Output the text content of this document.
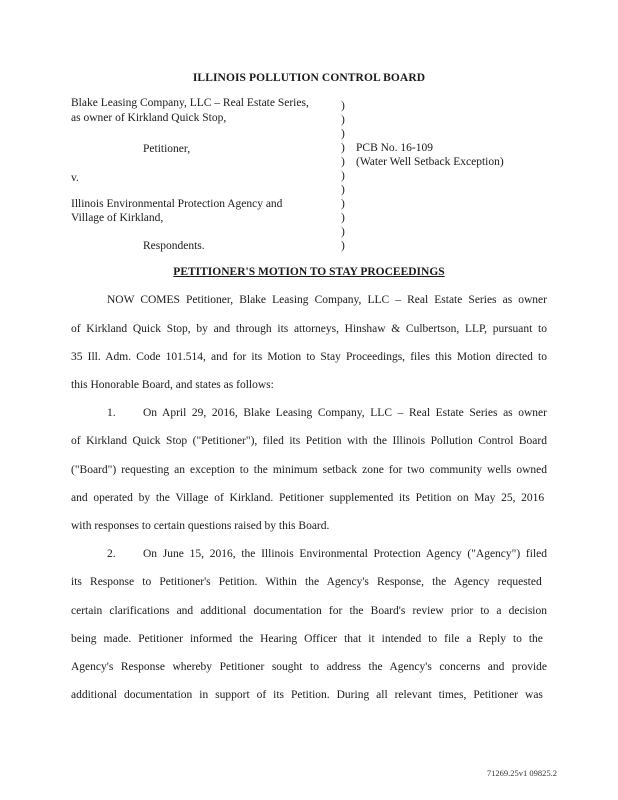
ILLINOIS POLLUTION CONTROL BOARD
Blake Leasing Company, LLC – Real Estate Series,
as owner of Kirkland Quick Stop,
Petitioner,
v.
Illinois Environmental Protection Agency and
Village of Kirkland,
Respondents.
)
)
)
)
)
)
)
)
)
)
)
PCB No. 16-109
(Water Well Setback Exception)
PETITIONER'S MOTION TO STAY PROCEEDINGS
NOW COMES Petitioner, Blake Leasing Company, LLC – Real Estate Series as owner
of Kirkland Quick Stop, by and through its attorneys, Hinshaw & Culbertson, LLP, pursuant to
35 Ill. Adm. Code 101.514, and for its Motion to Stay Proceedings, files this Motion directed to
this Honorable Board, and states as follows:
1. On April 29, 2016, Blake Leasing Company, LLC – Real Estate Series as owner
of Kirkland Quick Stop ("Petitioner"), filed its Petition with the Illinois Pollution Control Board
("Board") requesting an exception to the minimum setback zone for two community wells owned
and operated by the Village of Kirkland. Petitioner supplemented its Petition on May 25, 2016
with responses to certain questions raised by this Board.
2. On June 15, 2016, the Illinois Environmental Protection Agency ("Agency") filed
its Response to Petitioner's Petition. Within the Agency's Response, the Agency requested
certain clarifications and additional documentation for the Board's review prior to a decision
being made. Petitioner informed the Hearing Officer that it intended to file a Reply to the
Agency's Response whereby Petitioner sought to address the Agency's concerns and provide
additional documentation in support of its Petition. During all relevant times, Petitioner was
71269.25v1 09825.2
